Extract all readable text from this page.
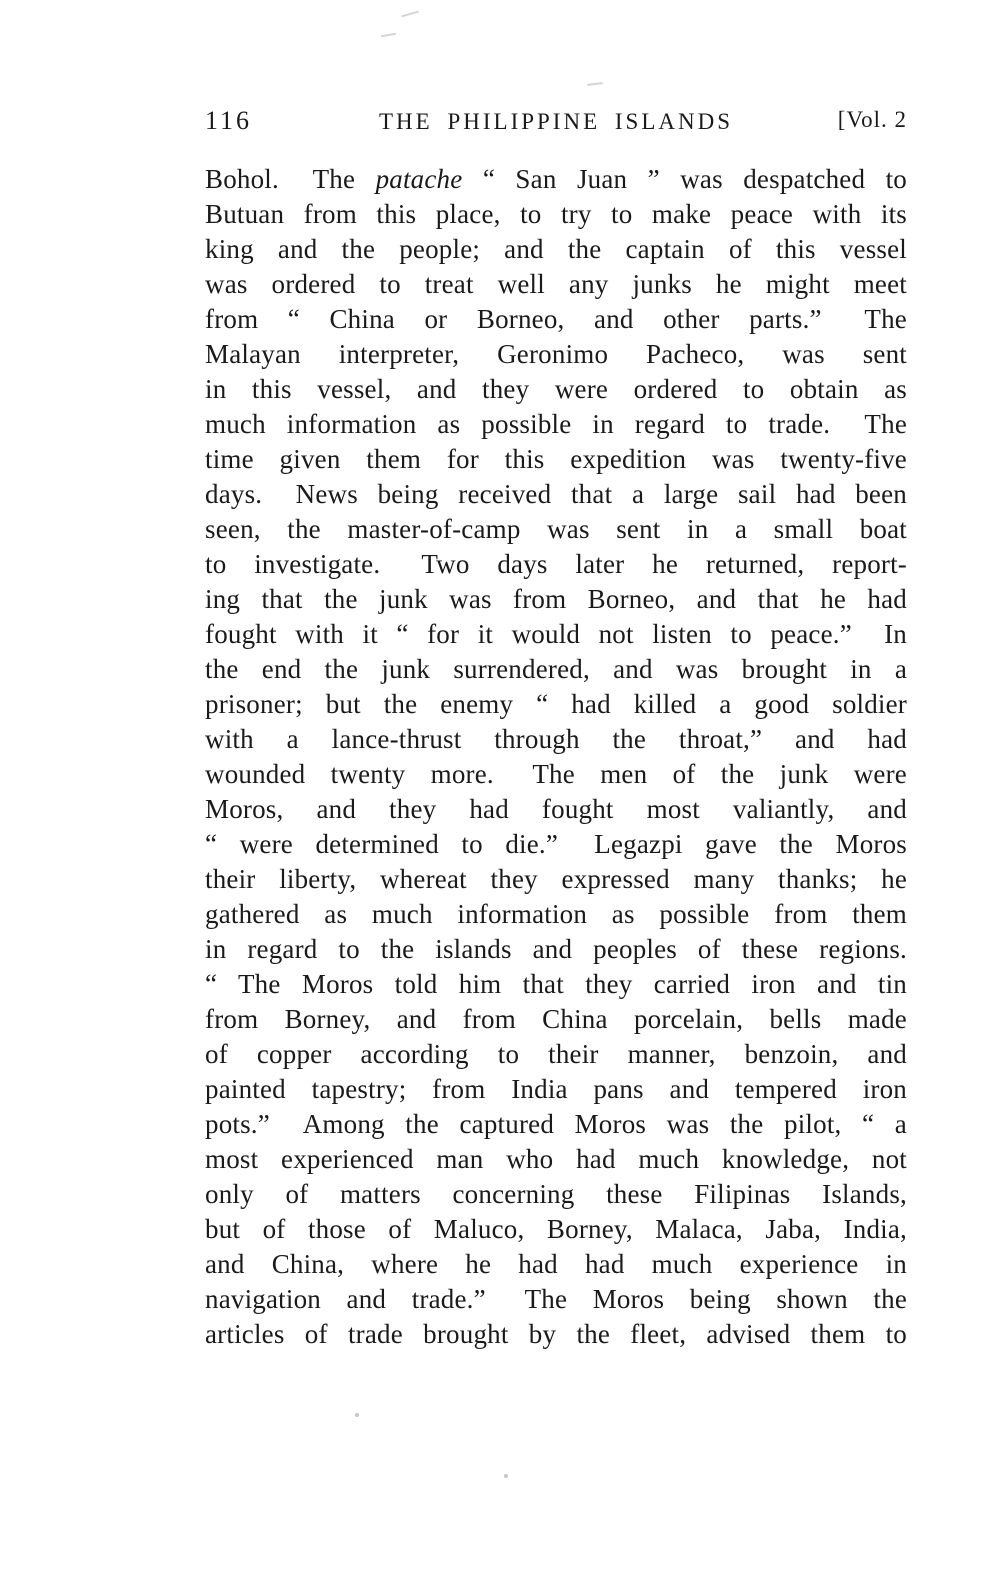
116	THE PHILIPPINE ISLANDS	[Vol. 2
Bohol.  The patache “ San Juan ” was despatched to
Butuan from this place, to try to make peace with its
king and the people; and the captain of this vessel
was ordered to treat well any junks he might meet
from “ China or Borneo, and other parts.”  The
Malayan interpreter, Geronimo Pacheco, was sent
in this vessel, and they were ordered to obtain as
much information as possible in regard to trade.  The
time given them for this expedition was twenty-five
days.  News being received that a large sail had been
seen, the master-of-camp was sent in a small boat
to investigate.  Two days later he returned, report-
ing that the junk was from Borneo, and that he had
fought with it “ for it would not listen to peace.”  In
the end the junk surrendered, and was brought in a
prisoner; but the enemy “ had killed a good soldier
with a lance-thrust through the throat,” and had
wounded twenty more.  The men of the junk were
Moros, and they had fought most valiantly, and
“ were determined to die.”  Legazpi gave the Moros
their liberty, whereat they expressed many thanks; he
gathered as much information as possible from them
in regard to the islands and peoples of these regions.
“ The Moros told him that they carried iron and tin
from Borney, and from China porcelain, bells made
of copper according to their manner, benzoin, and
painted tapestry; from India pans and tempered iron
pots.”  Among the captured Moros was the pilot, “ a
most experienced man who had much knowledge, not
only of matters concerning these Filipinas Islands,
but of those of Maluco, Borney, Malaca, Jaba, India,
and China, where he had had much experience in
navigation and trade.”  The Moros being shown the
articles of trade brought by the fleet, advised them to
